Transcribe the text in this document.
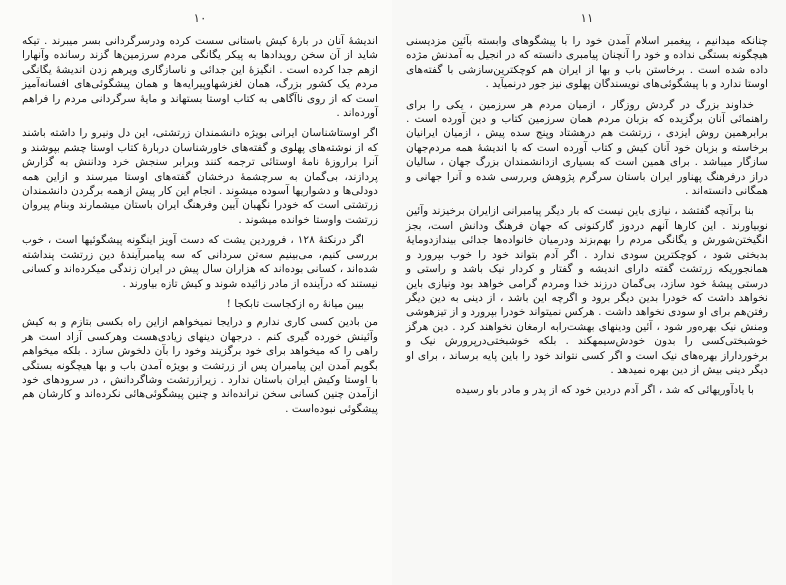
١٠

اندیشهٔ آنان در بارهٔ کیش باستانی سست کرده ودرسرگردانی بسر میبرند . تیکه شاید از آن سخن رویدادها به پیکر یگانگی مردم سرزمین‌ها گزند رسانده وآنهارا ازهم جدا کرده است . انگیزهٔ این جدائی و ناسازگاری ویرهم زدن اندیشهٔ یگانگی مردم یک کشور بزرگ، همان لغزشهاوپیرایه‌ها و همان پیشگوئی‌های افسانه‌آمیز است که از روی ناآگاهی به کتاب اوستا بستهاند و مایهٔ سرگردانی مردم را فراهم آورده‌اند .

اگر اوستاشناسان ایرانی بویژه دانشمندان زرتشتی، این دل ونیرو را داشته باشند که از نوشته‌های پهلوی و گفته‌های خاورشناسان دربارهٔ کتاب اوستا چشم بپوشند و آنرا براروزهٔ نامهٔ اوستائی ترجمه کنند وبرابر سنجش خرد وداننش به گزارش پردازند، بی‌گمان به سرچشمهٔ درخشان گفته‌های اوستا میرسند و ازاین همه دودلی‌ها و دشواریها آسوده میشوند . انجام این کار پیش ازهمه برگردن دانشمندان زرتشتی است که خودرا نگهبان آیین وفرهنگ ایران باستان میشمارند وبنام پیروان زرتشت واوستا خوانده میشوند .

اگر درنکتهٔ ۱۲۸ ، فروردین یشت که دست آویز اینگونه پیشگوئیها است ، خوب بررسی کنیم، می‌بینیم سه‌تن سردانی که سه پیامبرآیندهٔ دین زرتشت پنداشته شده‌اند ، کسانی بوده‌اند که هزاران سال پیش در ایران زندگی میکرده‌اند و کسانی نیستند که درآینده از مادر زائیده شوند و کیش تازه بیاورند .

بیبن میانهٔ ره ازکجاست تابکجا !

من بادین کسی کاری ندارم و درایجا نمیخواهم ازاین راه بکسی بتازم و به کیش وآئینش خورده گیری کنم . درجهان دینهای زیادی‌هست وهرکسی آزاد است هر راهی را که میخواهد برای خود برگزیند وخود را بآن دلخوش سازد . بلکه میخواهم بگویم آمدن این پیامبران پس از زرتشت و بویژه آمدن باب و بها هیچگونه بستگی با اوستا وکیش ایران باستان ندارد . زیرازرتشت وشاگردانش ، در سرودهای خود ازآمدن چنین کسانی سخن نرانده‌اند و چنین پیشگوئی‌هائی نکرده‌اند و کارشان هم پیشگوئی نبوده‌است .

١١

چنانکه میدانیم ، پیغمبر اسلام آمدن خود را با پیشگوهای وابسته بآئین مزدیسنی هیچگونه بستگی نداده و خود را آنچنان پیامبری دانسته که در انجیل به آمدنش مژده داده شده است . برخاستن باب و بها از ایران هم کوچکترین‌سازشی با گفته‌های اوستا ندارد و با پیشگوئی‌های نویسندگان پهلوی نیز جور درنمیآید .

خداوند بزرگ در گردش روزگار ، ازمیان مردم هر سرزمین ، یکی را برای راهنمائی آنان برگزیده که بزبان مردم همان سرزمین کتاب و دین آورده است . برابرهمین روش ایزدی ، زرتشت هم درهشتاد وپنج سده پیش ، ازمیان ایرانیان برخاسته و بزبان خود آنان کیش و کتاب آورده است که با اندیشهٔ همه مردم‌جهان سازگار میباشد . برای همین است که بسیاری ازدانشمندان بزرگ جهان ، سالیان دراز درفرهنگ پهناور ایران باستان سرگرم پژوهش وبررسی شده و آنرا جهانی و همگانی دانسته‌اند .

بنا برآنچه گفتشد ، نیازی باین نیست که بار دیگر پیامبرانی ازایران برخیزند وآئین نوبیاورند . این کارها آنهم دردوز گارکنونی که جهان فرهنگ ودانش است، بجز انگیختن‌شورش و یگانگی مردم را بهم‌بزند ودرمیان خانواده‌ها جدائی بیندازدومایهٔ بدبختی شود ، کوچکترین سودی ندارد . اگر آدم بتواند خود را خوب بپرورد و همانجوریکه زرتشت گفته دارای اندیشه و گفتار و کردار نیک باشد و راستی و درستی پیشهٔ خود سازد، بی‌گمان درزند خدا ومردم گرامی خواهد بود ونیازی باین نخواهد داشت که خودرا بدین دیگر برود و اگرچه این باشد ، از دینی به دین دیگر رفتن‌هم برای او سودی نخواهد داشت . هرکس نمیتواند خودرا بپرورد و از تیزهوشی ومنش نیک بهره‌ور شود ، آئین ودینهای بهشت‌رابه ارمغان نخواهند کرد . دین هرگز خوشبختی‌کسی را بدون خودش‌سیمهکند . بلکه خوشبختی‌درپرورش نیک و برخورداراز بهره‌های نیک است و اگر کسی نتواند خود را باین پایه برساند ، برای او دیگر دینی بیش از دین بهره نمیدهد .

با یادآوریهائی که شد ، اگر آدم دردین خود که از پدر و مادر باو رسیده
